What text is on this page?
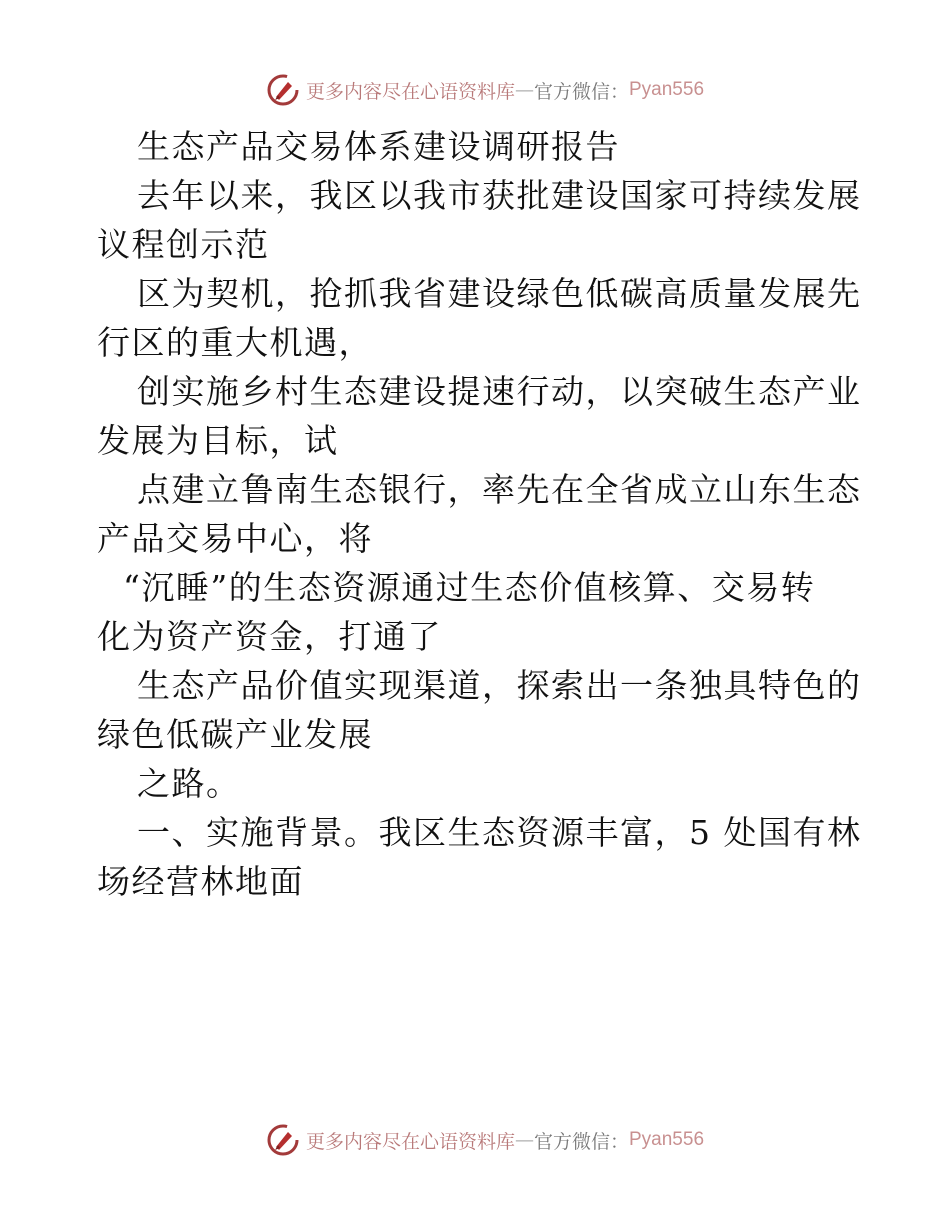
更多内容尽在心语资料库 — 官方微信： Pyan556
生态产品交易体系建设调研报告
去年以来，我区以我市获批建设国家可持续发展
议程创示范
区为契机，抢抓我省建设绿色低碳高质量发展先
行区的重大机遇，
创实施乡村生态建设提速行动，以突破生态产业
发展为目标，试
点建立鲁南生态银行，率先在全省成立山东生态
产品交易中心，将
“沉睡”的生态资源通过生态价值核算、交易转
化为资产资金，打通了
生态产品价值实现渠道，探索出一条独具特色的
绿色低碳产业发展
之路。
一、实施背景。我区生态资源丰富，5 处国有林
场经营林地面
更多内容尽在心语资料库 — 官方微信： Pyan556
